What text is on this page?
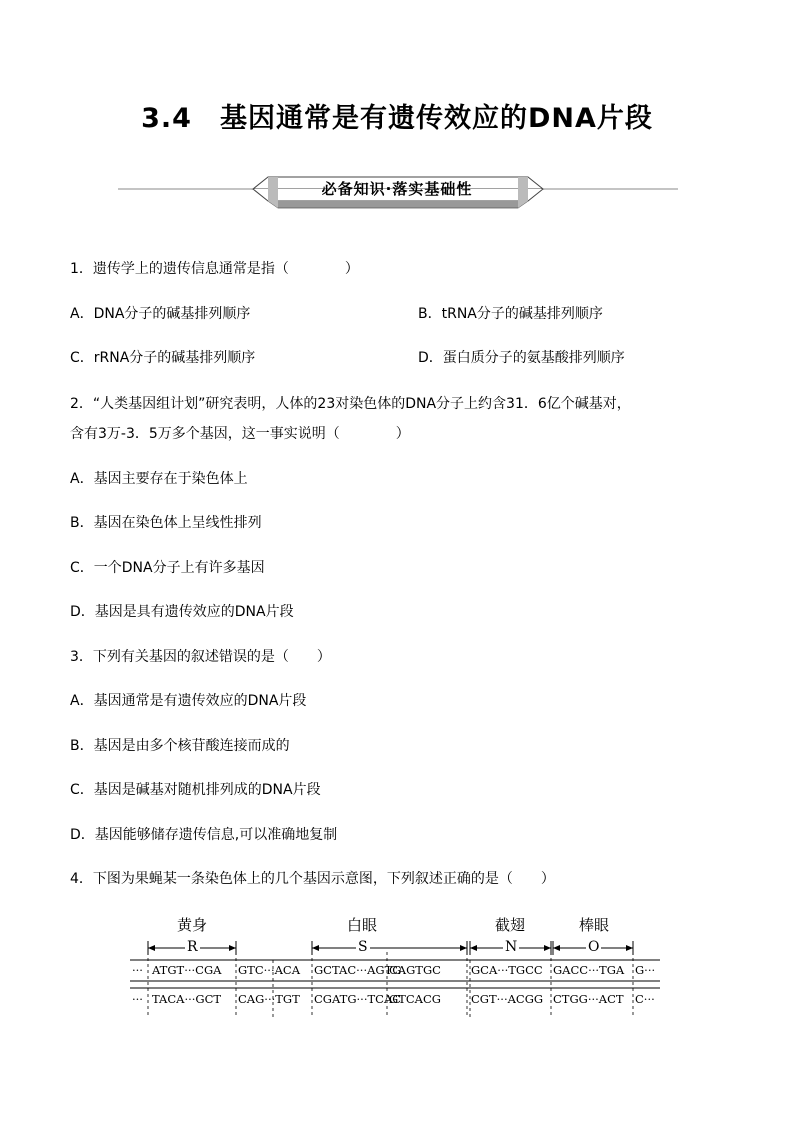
3.4　基因通常是有遗传效应的DNA片段
必备知识·落实基础性
1．遗传学上的遗传信息通常是指（　　　　）
A．DNA分子的碱基排列顺序	B．tRNA分子的碱基排列顺序
C．rRNA分子的碱基排列顺序	D．蛋白质分子的氨基酸排列顺序
2．“人类基因组计划”研究表明，人体的23对染色体的DNA分子上约含31．6亿个碱基对，
含有3万-3．5万多个基因，这一事实说明（　　　　）
A．基因主要存在于染色体上
B．基因在染色体上呈线性排列
C．一个DNA分子上有许多基因
D．基因是具有遗传效应的DNA片段
3．下列有关基因的叙述错误的是（　　）
A．基因通常是有遗传效应的DNA片段
B．基因是由多个核苷酸连接而成的
C．基因是碱基对随机排列成的DNA片段
D．基因能够储存遗传信息,可以准确地复制
4．下图为果蝇某一条染色体上的几个基因示意图，下列叙述正确的是（　　）
黄身	白眼	截翅	棒眼
R	S	N	O
··· ATGT···CGA GTC···ACA GCTAC···AGTG
CAGTGC	GCA···TGCC GACC···TGA G···
··· TACA···GCT CAG···TGT CGATG···TCAC
GTCACG	CGT···ACGG CTGG···ACT C···
